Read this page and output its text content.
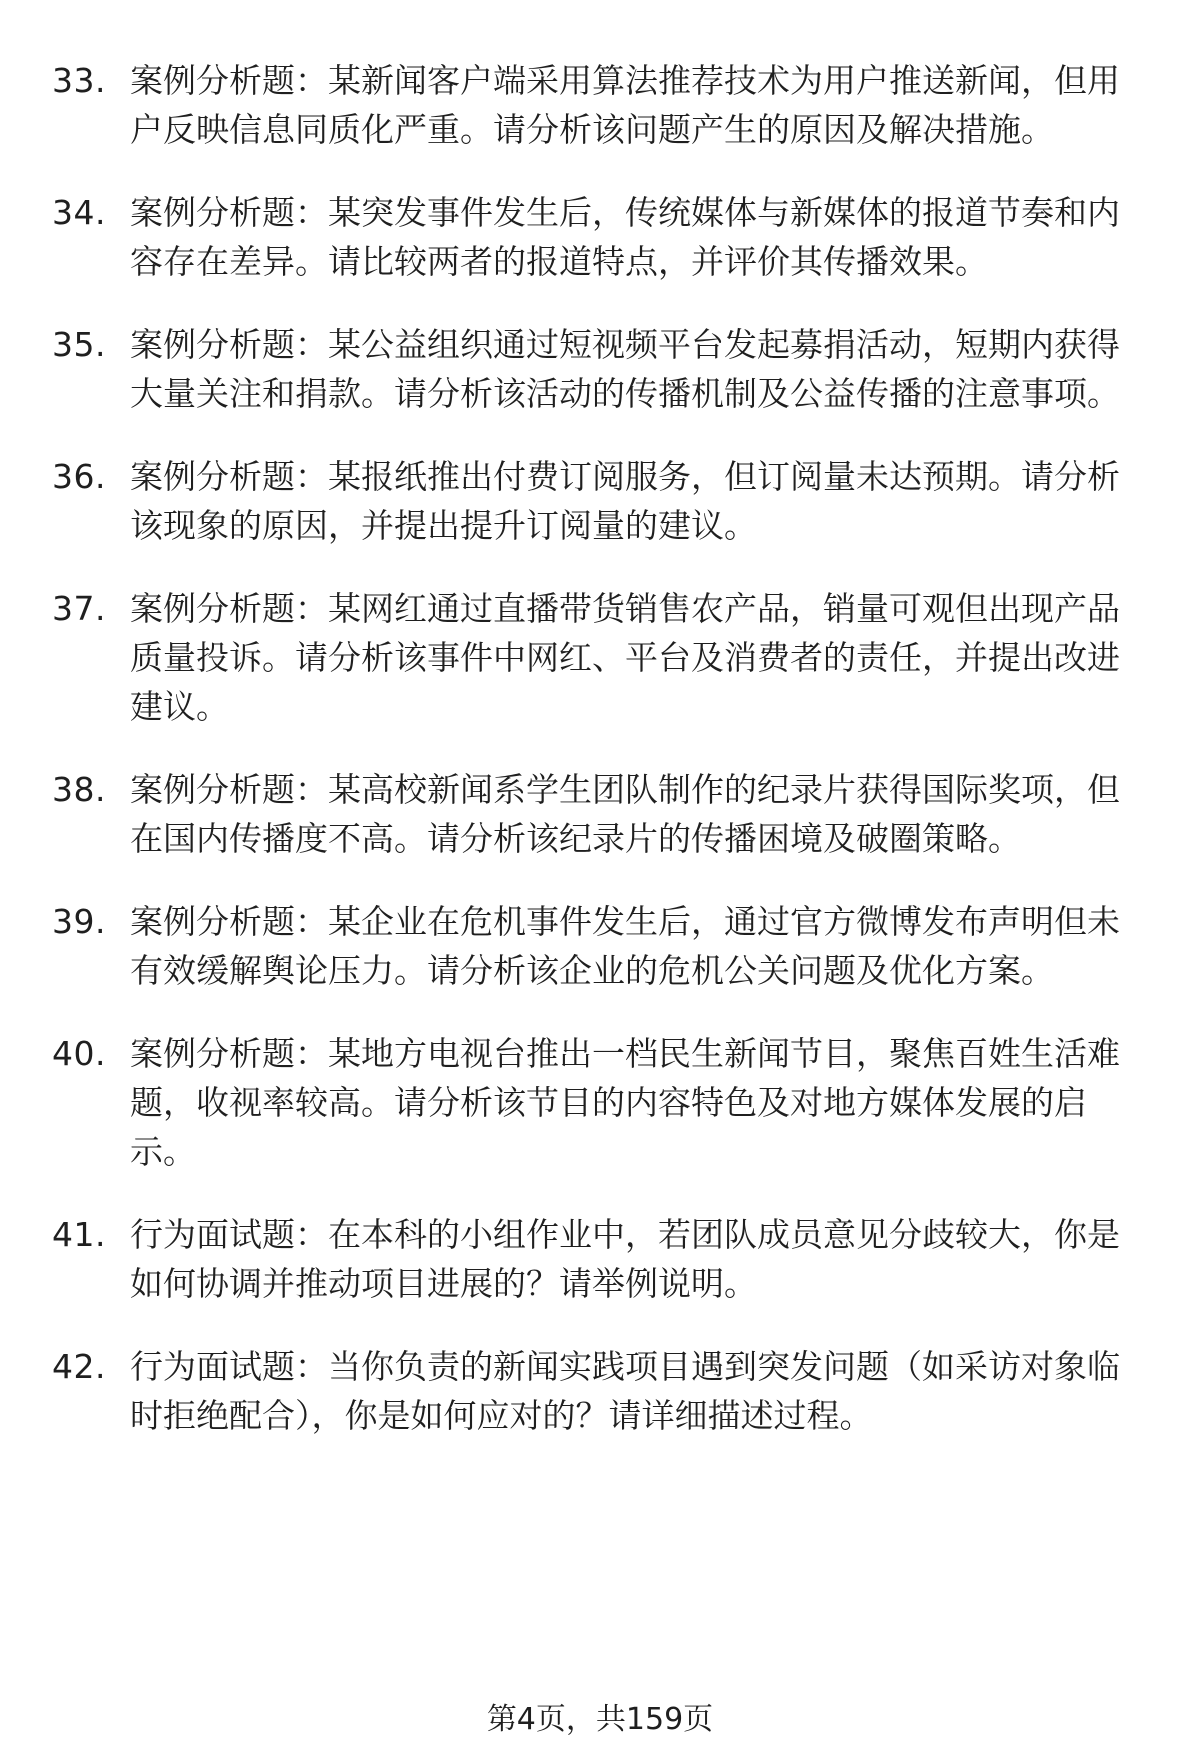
33. 案例分析题：某新闻客户端采用算法推荐技术为用户推送新闻，但用户反映信息同质化严重。请分析该问题产生的原因及解决措施。
34. 案例分析题：某突发事件发生后，传统媒体与新媒体的报道节奏和内容存在差异。请比较两者的报道特点，并评价其传播效果。
35. 案例分析题：某公益组织通过短视频平台发起募捐活动，短期内获得大量关注和捐款。请分析该活动的传播机制及公益传播的注意事项。
36. 案例分析题：某报纸推出付费订阅服务，但订阅量未达预期。请分析该现象的原因，并提出提升订阅量的建议。
37. 案例分析题：某网红通过直播带货销售农产品，销量可观但出现产品质量投诉。请分析该事件中网红、平台及消费者的责任，并提出改进建议。
38. 案例分析题：某高校新闻系学生团队制作的纪录片获得国际奖项，但在国内传播度不高。请分析该纪录片的传播困境及破圈策略。
39. 案例分析题：某企业在危机事件发生后，通过官方微博发布声明但未有效缓解舆论压力。请分析该企业的危机公关问题及优化方案。
40. 案例分析题：某地方电视台推出一档民生新闻节目，聚焦百姓生活难题，收视率较高。请分析该节目的内容特色及对地方媒体发展的启示。
41. 行为面试题：在本科的小组作业中，若团队成员意见分歧较大，你是如何协调并推动项目进展的？请举例说明。
42. 行为面试题：当你负责的新闻实践项目遇到突发问题（如采访对象临时拒绝配合），你是如何应对的？请详细描述过程。
第4页，共159页
